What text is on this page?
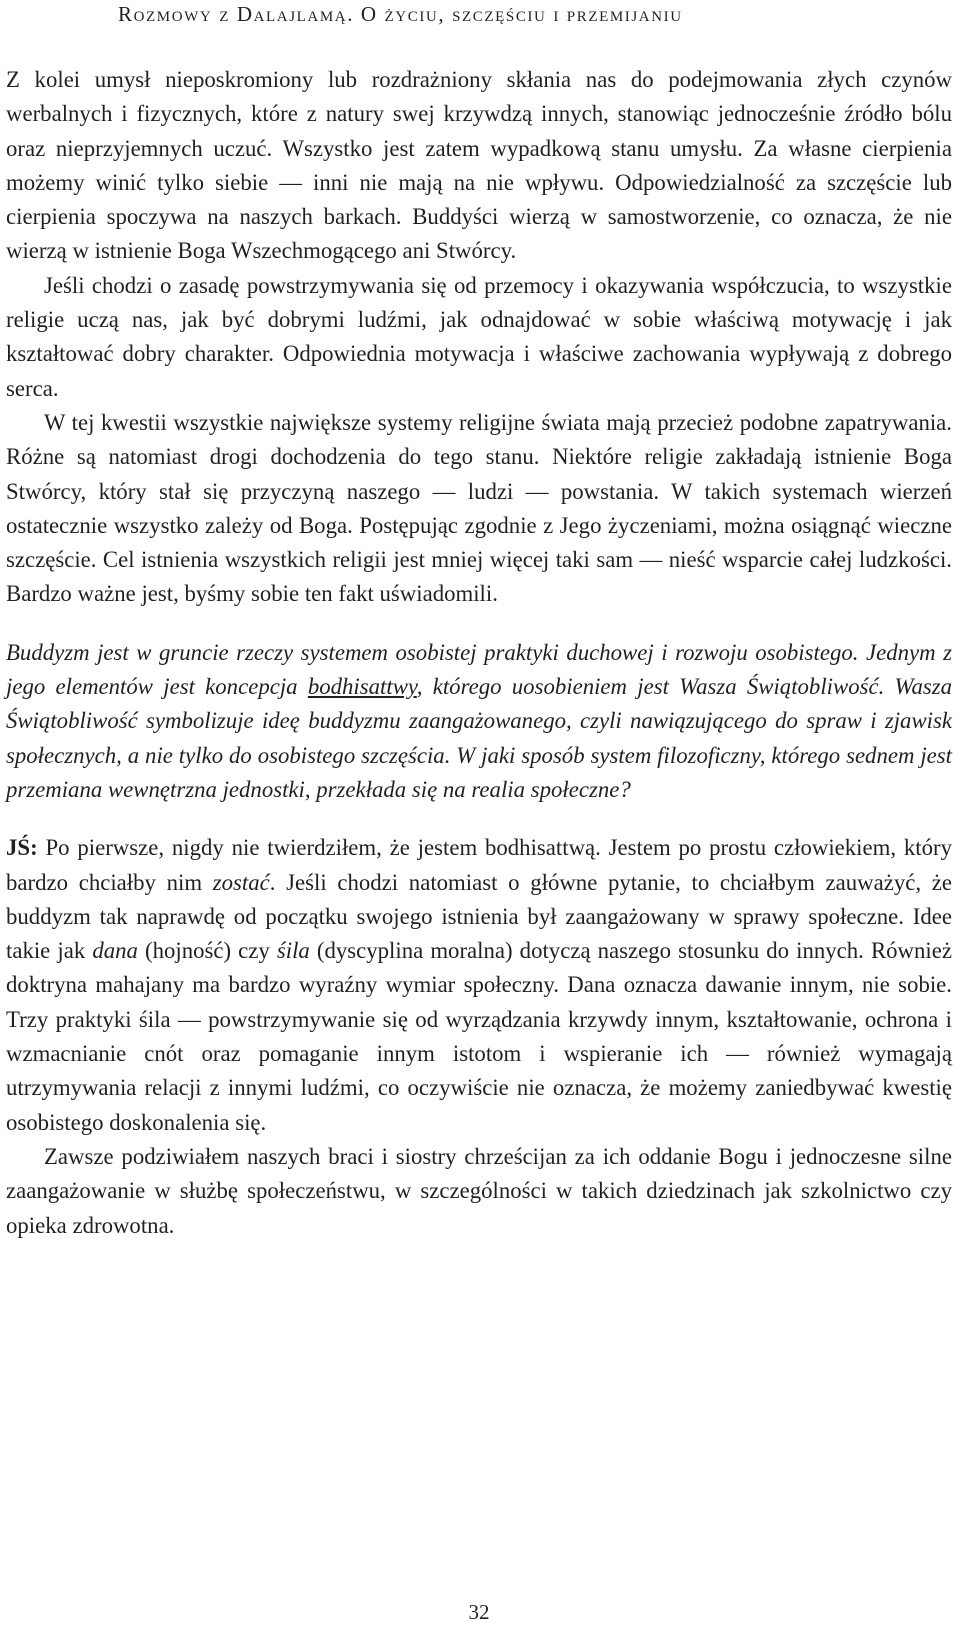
Rozmowy z Dalajlamą. O życiu, szczęściu i przemijaniu

Z kolei umysł nieposkromiony lub rozdrażniony skłania nas do podejmowania złych czynów werbalnych i fizycznych, które z natury swej krzywdzą innych, stanowiąc jednocześnie źródło bólu oraz nieprzyjemnych uczuć. Wszystko jest zatem wypadkową stanu umysłu. Za własne cierpienia możemy winić tylko siebie — inni nie mają na nie wpływu. Odpowiedzialność za szczęście lub cierpienia spoczywa na naszych barkach. Buddyści wierzą w samostworzenie, co oznacza, że nie wierzą w istnienie Boga Wszechmogącego ani Stwórcy.

Jeśli chodzi o zasadę powstrzymywania się od przemocy i okazywania współczucia, to wszystkie religie uczą nas, jak być dobrymi ludźmi, jak odnajdować w sobie właściwą motywację i jak kształtować dobry charakter. Odpowiednia motywacja i właściwe zachowania wypływają z dobrego serca.

W tej kwestii wszystkie największe systemy religijne świata mają przecież podobne zapatrywania. Różne są natomiast drogi dochodzenia do tego stanu. Niektóre religie zakładają istnienie Boga Stwórcy, który stał się przyczyną naszego — ludzi — powstania. W takich systemach wierzeń ostatecznie wszystko zależy od Boga. Postępując zgodnie z Jego życzeniami, można osiągnąć wieczne szczęście. Cel istnienia wszystkich religii jest mniej więcej taki sam — nieść wsparcie całej ludzkości. Bardzo ważne jest, byśmy sobie ten fakt uświadomili.

Buddyzm jest w gruncie rzeczy systemem osobistej praktyki duchowej i rozwoju osobistego. Jednym z jego elementów jest koncepcja bodhisattwy, którego uosobieniem jest Wasza Świątobliwość. Wasza Świątobliwość symbolizuje ideę buddyzmu zaangażowanego, czyli nawiązującego do spraw i zjawisk społecznych, a nie tylko do osobistego szczęścia. W jaki sposób system filozoficzny, którego sednem jest przemiana wewnętrzna jednostki, przekłada się na realia społeczne?

JŚ: Po pierwsze, nigdy nie twierdziłem, że jestem bodhisattwą. Jestem po prostu człowiekiem, który bardzo chciałby nim zostać. Jeśli chodzi natomiast o główne pytanie, to chciałbym zauważyć, że buddyzm tak naprawdę od początku swojego istnienia był zaangażowany w sprawy społeczne. Idee takie jak dana (hojność) czy śila (dyscyplina moralna) dotyczą naszego stosunku do innych. Również doktryna mahajany ma bardzo wyraźny wymiar społeczny. Dana oznacza dawanie innym, nie sobie. Trzy praktyki śila — powstrzymywanie się od wyrządzania krzywdy innym, kształtowanie, ochrona i wzmacnianie cnót oraz pomaganie innym istotom i wspieranie ich — również wymagają utrzymywania relacji z innymi ludźmi, co oczywiście nie oznacza, że możemy zaniedbywać kwestię osobistego doskonalenia się.

Zawsze podziwiałem naszych braci i siostry chrześcijan za ich oddanie Bogu i jednoczesne silne zaangażowanie w służbę społeczeństwu, w szczególności w takich dziedzinach jak szkolnictwo czy opieka zdrowotna.

32
